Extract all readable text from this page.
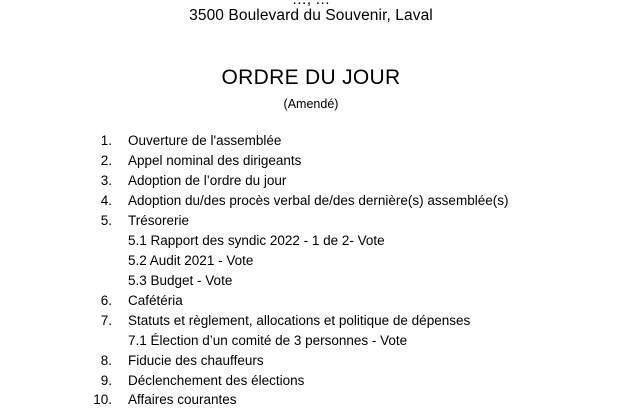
3500 Boulevard du Souvenir, Laval
ORDRE DU JOUR
(Amendé)
1. Ouverture de l'assemblée
2. Appel nominal des dirigeants
3. Adoption de l’ordre du jour
4. Adoption du/des procès verbal de/des dernière(s) assemblée(s)
5. Trésorerie
5.1 Rapport des syndic 2022 - 1 de 2- Vote
5.2 Audit 2021 - Vote
5.3 Budget - Vote
6. Cafétéria
7. Statuts et règlement, allocations et politique de dépenses
7.1 Élection d’un comité de 3 personnes - Vote
8. Fiducie des chauffeurs
9. Déclenchement des élections
10. Affaires courantes
